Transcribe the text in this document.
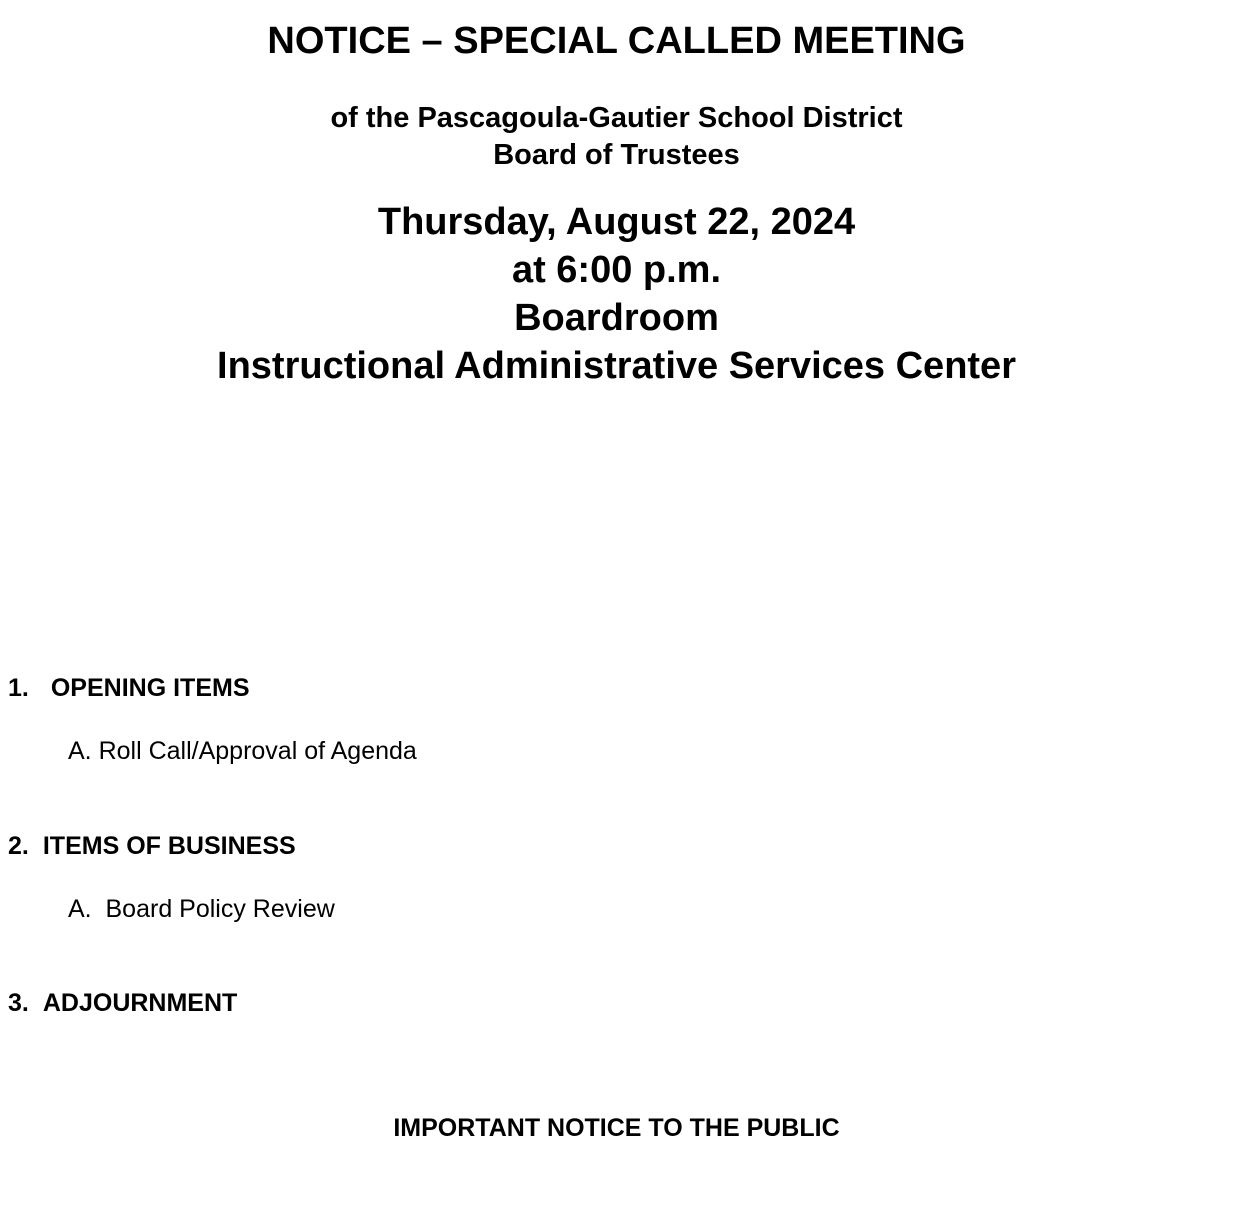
NOTICE – SPECIAL CALLED MEETING
of the Pascagoula-Gautier School District
Board of Trustees
Thursday, August 22, 2024
at 6:00 p.m.
Boardroom
Instructional Administrative Services Center
1. OPENING ITEMS
A. Roll Call/Approval of Agenda
2. ITEMS OF BUSINESS
A.  Board Policy Review
3. ADJOURNMENT
IMPORTANT NOTICE TO THE PUBLIC
